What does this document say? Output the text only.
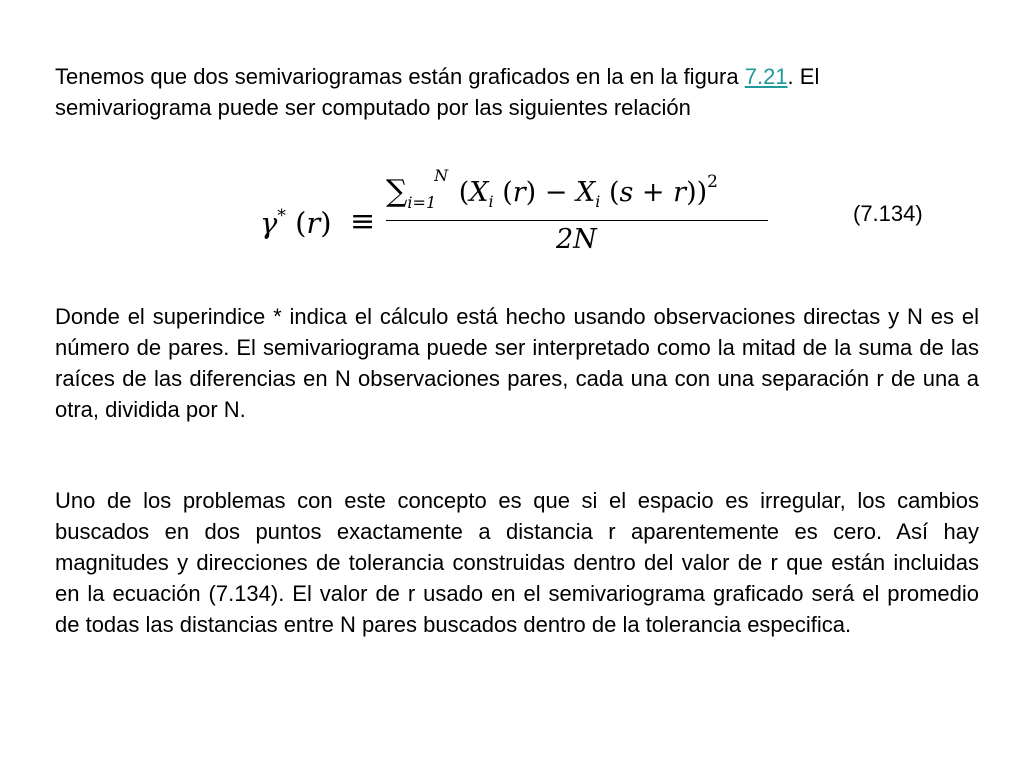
Tenemos que dos semivariogramas están graficados en la en la figura 7.21. El semivariograma puede ser computado por las siguientes relación

γ* (r) ≡
$\sum_{i=1}^N$ ($X_i$ $(r) - X_i$ (s + r))$^2$
2N
(7.134)

Donde el superindice * indica el cálculo está hecho usando observaciones directas y N es el número de pares. El semivariograma puede ser interpretado como la mitad de la suma de las raíces de las diferencias en N observaciones pares, cada una con una separación r de una a otra, dividida por N.

Uno de los problemas con este concepto es que si el espacio es irregular, los cambios buscados en dos puntos exactamente a distancia r aparentemente es cero. Así hay magnitudes y direcciones de tolerancia construidas dentro del valor de r que están incluidas en la ecuación (7.134). El valor de r usado en el semivariograma graficado será el promedio de todas las distancias entre N pares buscados dentro de la tolerancia especifica.
